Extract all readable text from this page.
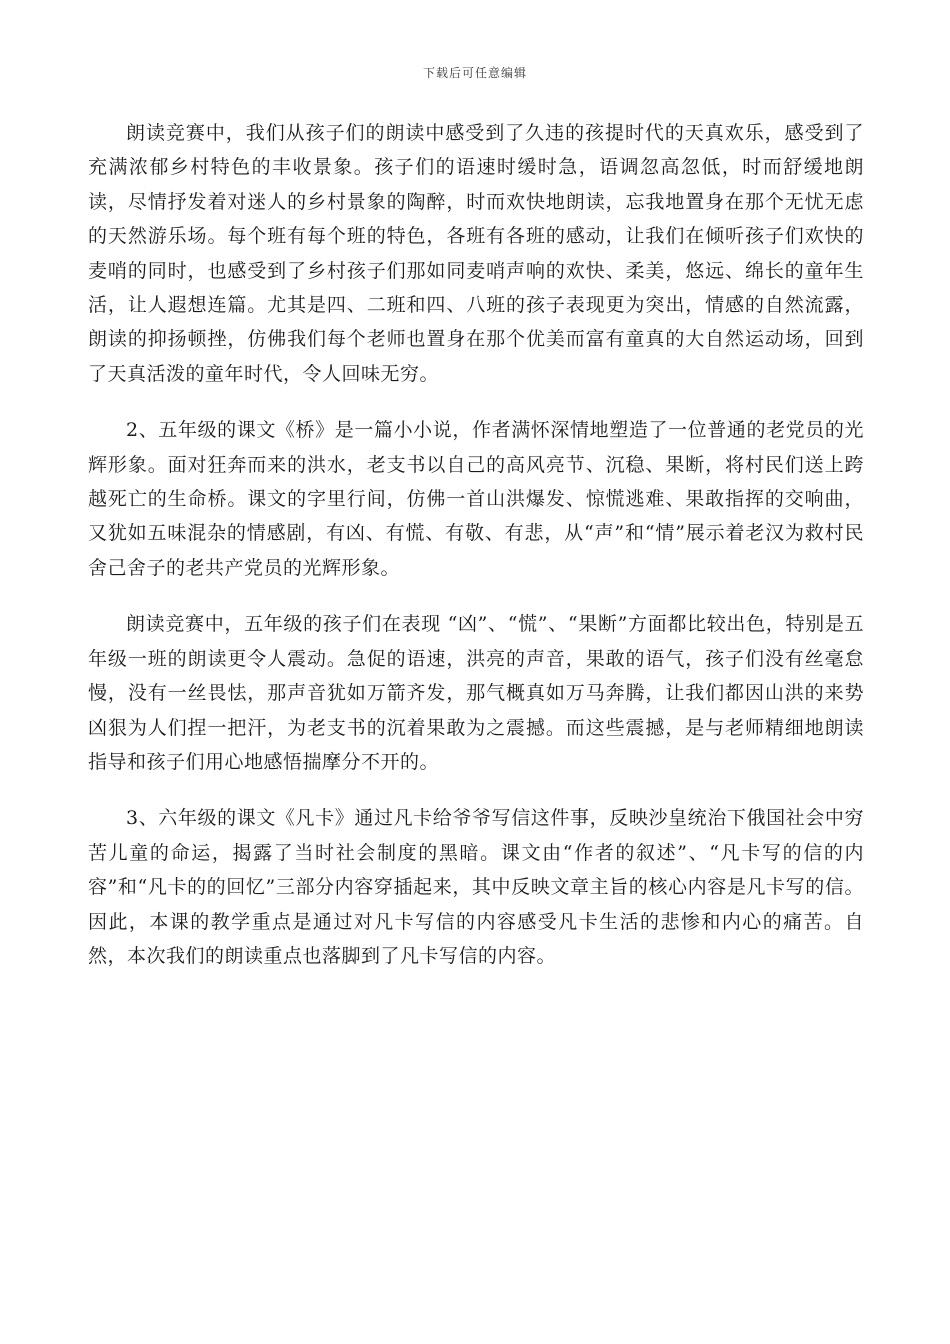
下载后可任意编辑

朗读竞赛中，我们从孩子们的朗读中感受到了久违的孩提时代的天真欢乐，感受到了充满浓郁乡村特色的丰收景象。孩子们的语速时缓时急，语调忽高忽低，时而舒缓地朗读，尽情抒发着对迷人的乡村景象的陶醉，时而欢快地朗读，忘我地置身在那个无忧无虑的天然游乐场。每个班有每个班的特色，各班有各班的感动，让我们在倾听孩子们欢快的麦哨的同时，也感受到了乡村孩子们那如同麦哨声响的欢快、柔美，悠远、绵长的童年生活，让人遐想连篇。尤其是四、二班和四、八班的孩子表现更为突出，情感的自然流露，朗读的抑扬顿挫，仿佛我们每个老师也置身在那个优美而富有童真的大自然运动场，回到了天真活泼的童年时代，令人回味无穷。

2、五年级的课文《桥》是一篇小小说，作者满怀深情地塑造了一位普通的老党员的光辉形象。面对狂奔而来的洪水，老支书以自己的高风亮节、沉稳、果断，将村民们送上跨越死亡的生命桥。课文的字里行间，仿佛一首山洪爆发、惊慌逃难、果敢指挥的交响曲，又犹如五味混杂的情感剧，有凶、有慌、有敬、有悲，从“声”和“情”展示着老汉为救村民舍己舍子的老共产党员的光辉形象。

朗读竞赛中，五年级的孩子们在表现 “凶”、“慌”、“果断”方面都比较出色，特别是五年级一班的朗读更令人震动。急促的语速，洪亮的声音，果敢的语气，孩子们没有丝毫怠慢，没有一丝畏怯，那声音犹如万箭齐发，那气概真如万马奔腾，让我们都因山洪的来势凶狠为人们捏一把汗，为老支书的沉着果敢为之震撼。而这些震撼，是与老师精细地朗读指导和孩子们用心地感悟揣摩分不开的。

3、六年级的课文《凡卡》通过凡卡给爷爷写信这件事，反映沙皇统治下俄国社会中穷苦儿童的命运，揭露了当时社会制度的黑暗。课文由“作者的叙述”、“凡卡写的信的内容”和“凡卡的的回忆”三部分内容穿插起来，其中反映文章主旨的核心内容是凡卡写的信。因此，本课的教学重点是通过对凡卡写信的内容感受凡卡生活的悲惨和内心的痛苦。自然，本次我们的朗读重点也落脚到了凡卡写信的内容。
